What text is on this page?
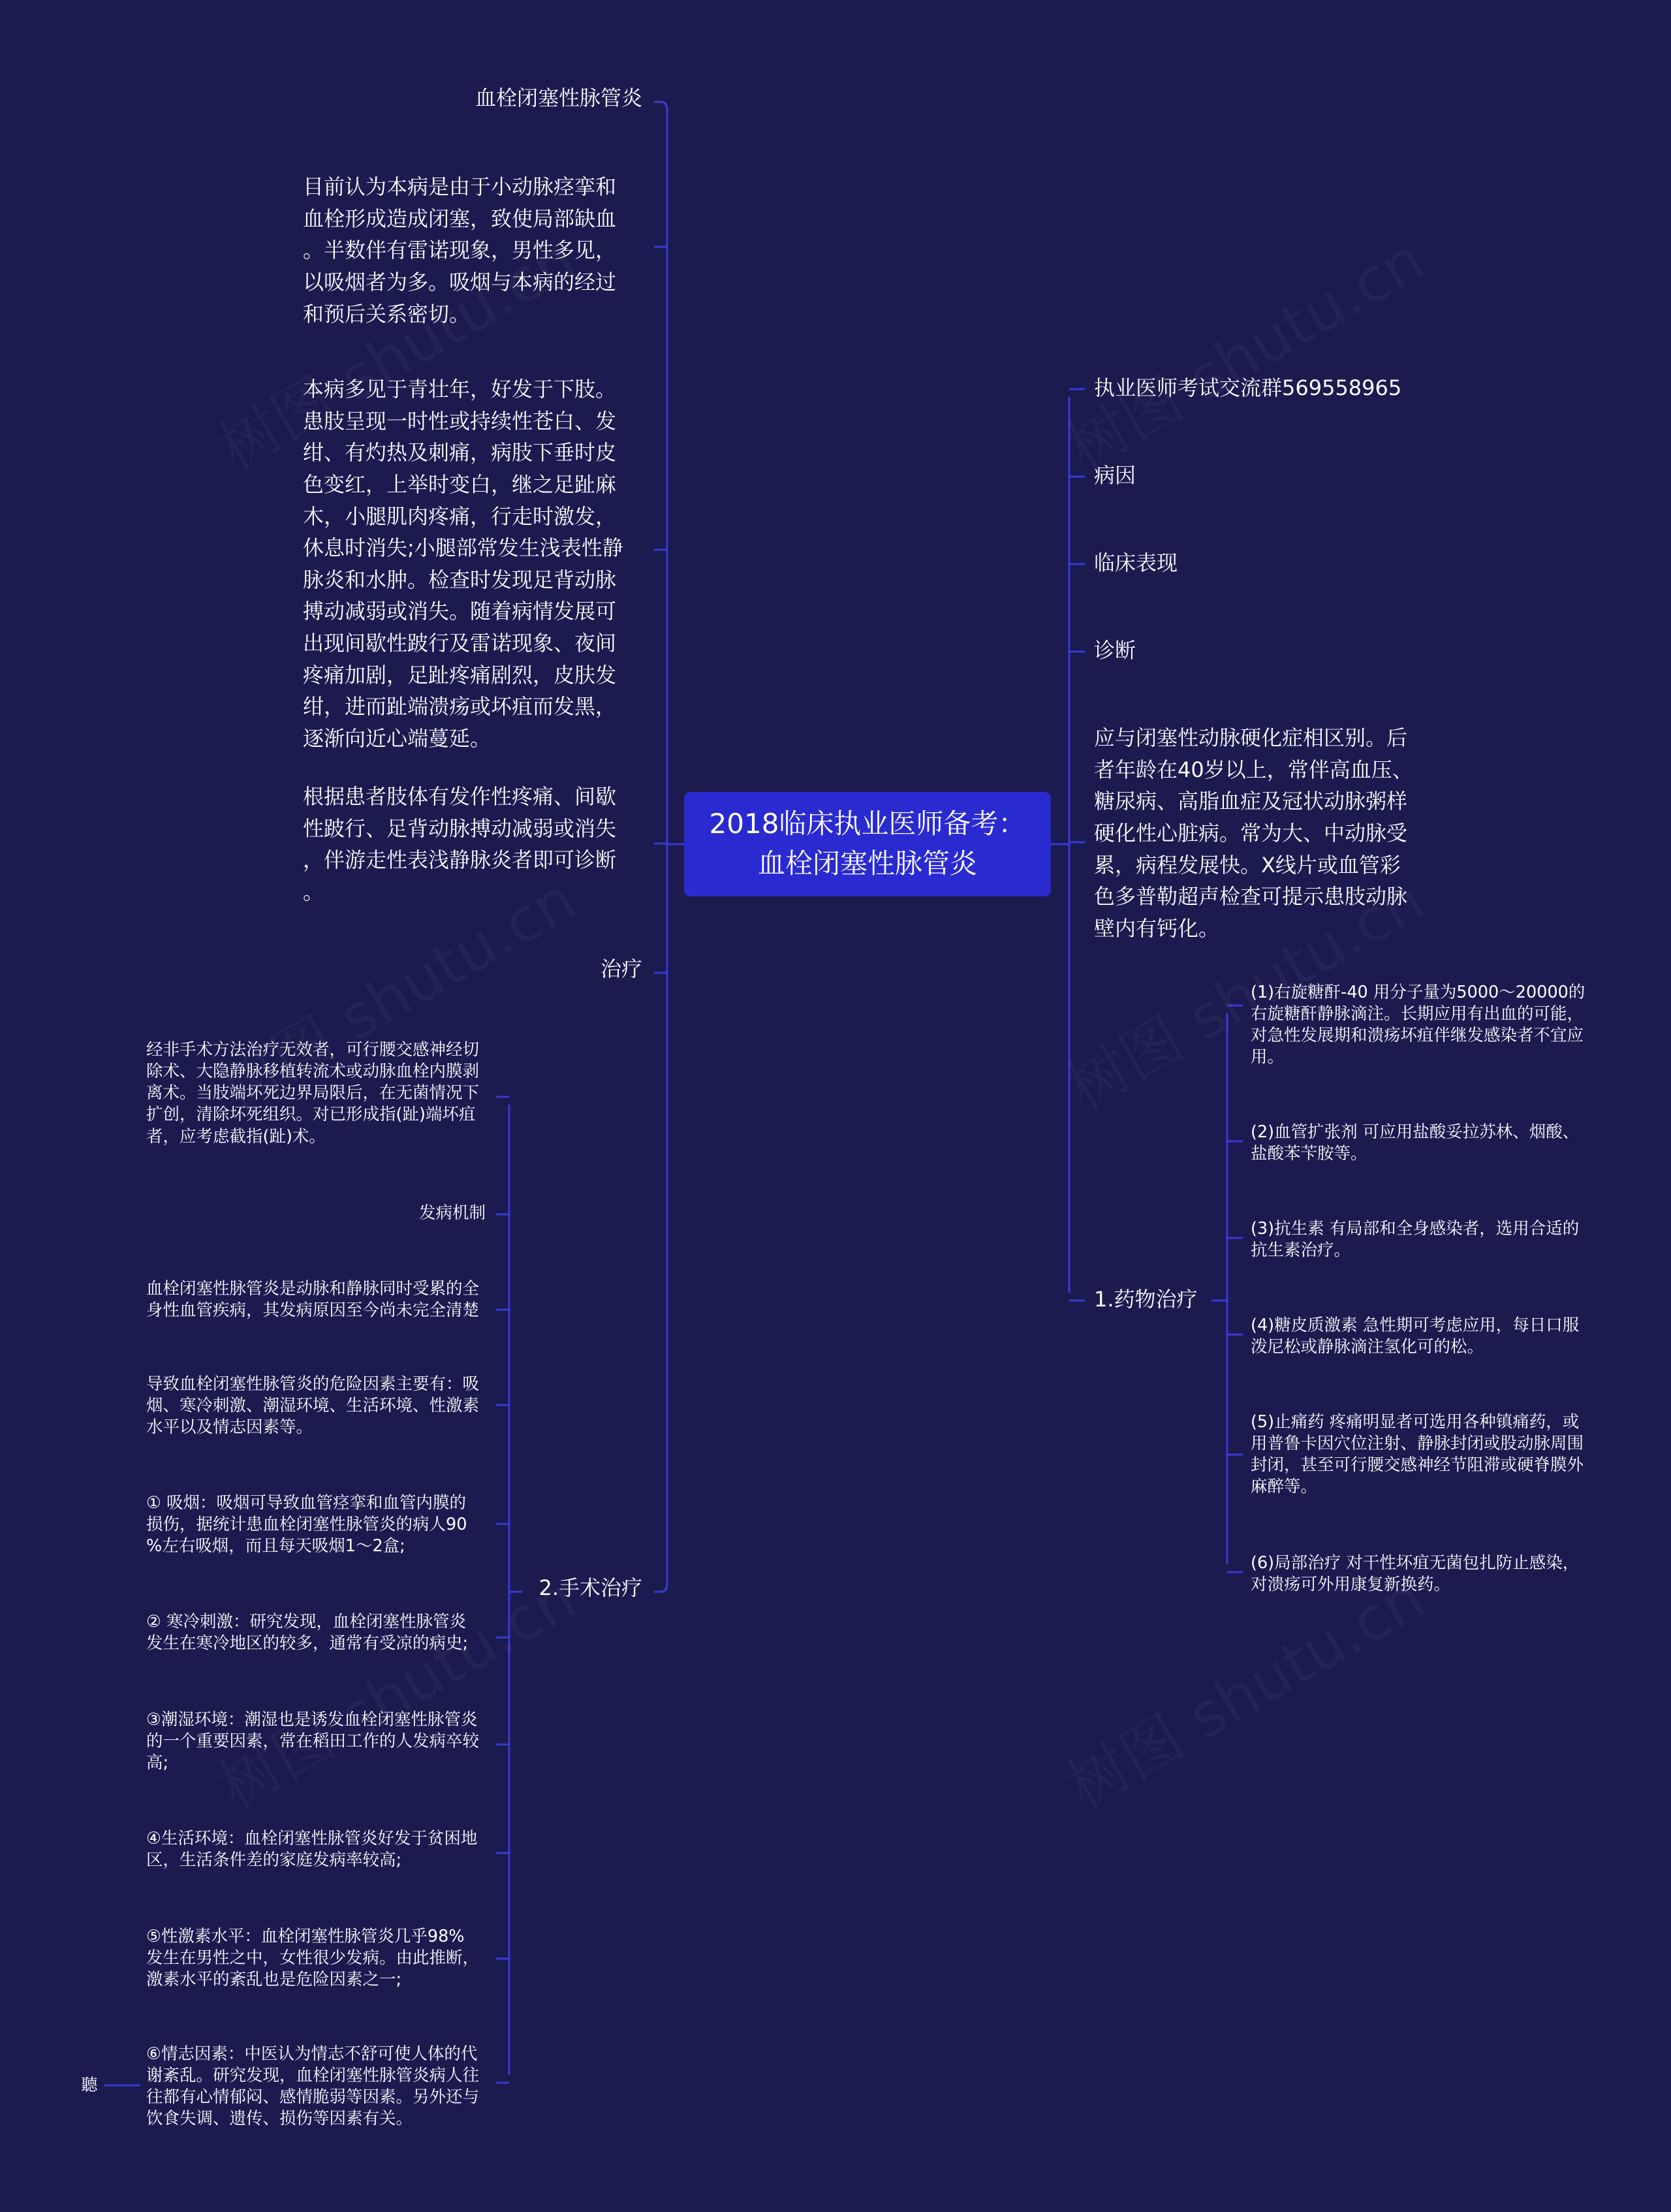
2018临床执业医师备考：
血栓闭塞性脉管炎
血栓闭塞性脉管炎
目前认为本病是由于小动脉痉挛和
血栓形成造成闭塞，致使局部缺血
。半数伴有雷诺现象，男性多见，
以吸烟者为多。吸烟与本病的经过
和预后关系密切。
本病多见于青壮年，好发于下肢。
患肢呈现一时性或持续性苍白、发
绀、有灼热及刺痛，病肢下垂时皮
色变红，上举时变白，继之足趾麻
木，小腿肌肉疼痛，行走时激发，
休息时消失;小腿部常发生浅表性静
脉炎和水肿。检查时发现足背动脉
搏动减弱或消失。随着病情发展可
出现间歇性跛行及雷诺现象、夜间
疼痛加剧，足趾疼痛剧烈，皮肤发
绀，进而趾端溃疡或坏疽而发黑，
逐渐向近心端蔓延。
根据患者肢体有发作性疼痛、间歇
性跛行、足背动脉搏动减弱或消失
，伴游走性表浅静脉炎者即可诊断
。
治疗
2.手术治疗
经非手术方法治疗无效者，可行腰交感神经切
除术、大隐静脉移植转流术或动脉血栓内膜剥
离术。当肢端坏死边界局限后，在无菌情况下
扩创，清除坏死组织。对已形成指(趾)端坏疽
者，应考虑截指(趾)术。
发病机制
血栓闭塞性脉管炎是动脉和静脉同时受累的全
身性血管疾病，其发病原因至今尚未完全清楚
导致血栓闭塞性脉管炎的危险因素主要有：吸
烟、寒冷刺激、潮湿环境、生活环境、性激素
水平以及情志因素等。
① 吸烟：吸烟可导致血管痉挛和血管内膜的
损伤，据统计患血栓闭塞性脉管炎的病人90
%左右吸烟，而且每天吸烟1～2盒;
② 寒冷刺激：研究发现，血栓闭塞性脉管炎
发生在寒冷地区的较多，通常有受凉的病史;
③潮湿环境：潮湿也是诱发血栓闭塞性脉管炎
的一个重要因素，常在稻田工作的人发病卒较
高;
④生活环境：血栓闭塞性脉管炎好发于贫困地
区，生活条件差的家庭发病率较高;
⑤性激素水平：血栓闭塞性脉管炎几乎98%
发生在男性之中，女性很少发病。由此推断，
激素水平的紊乱也是危险因素之一;
⑥情志因素：中医认为情志不舒可使人体的代
谢紊乱。研究发现，血栓闭塞性脉管炎病人往
往都有心情郁闷、感情脆弱等因素。另外还与
饮食失调、遗传、损伤等因素有关。
聽
执业医师考试交流群569558965
病因
临床表现
诊断
应与闭塞性动脉硬化症相区别。后
者年龄在40岁以上，常伴高血压、
糖尿病、高脂血症及冠状动脉粥样
硬化性心脏病。常为大、中动脉受
累，病程发展快。X线片或血管彩
色多普勒超声检查可提示患肢动脉
壁内有钙化。
1.药物治疗
(1)右旋糖酐-40 用分子量为5000～20000的
右旋糖酐静脉滴注。长期应用有出血的可能，
对急性发展期和溃疡坏疽伴继发感染者不宜应
用。
(2)血管扩张剂 可应用盐酸妥拉苏林、烟酸、
盐酸苯苄胺等。
(3)抗生素 有局部和全身感染者，选用合适的
抗生素治疗。
(4)糖皮质激素 急性期可考虑应用，每日口服
泼尼松或静脉滴注氢化可的松。
(5)止痛药 疼痛明显者可选用各种镇痛药，或
用普鲁卡因穴位注射、静脉封闭或股动脉周围
封闭，甚至可行腰交感神经节阻滞或硬脊膜外
麻醉等。
(6)局部治疗 对干性坏疽无菌包扎防止感染，
对溃疡可外用康复新换药。
